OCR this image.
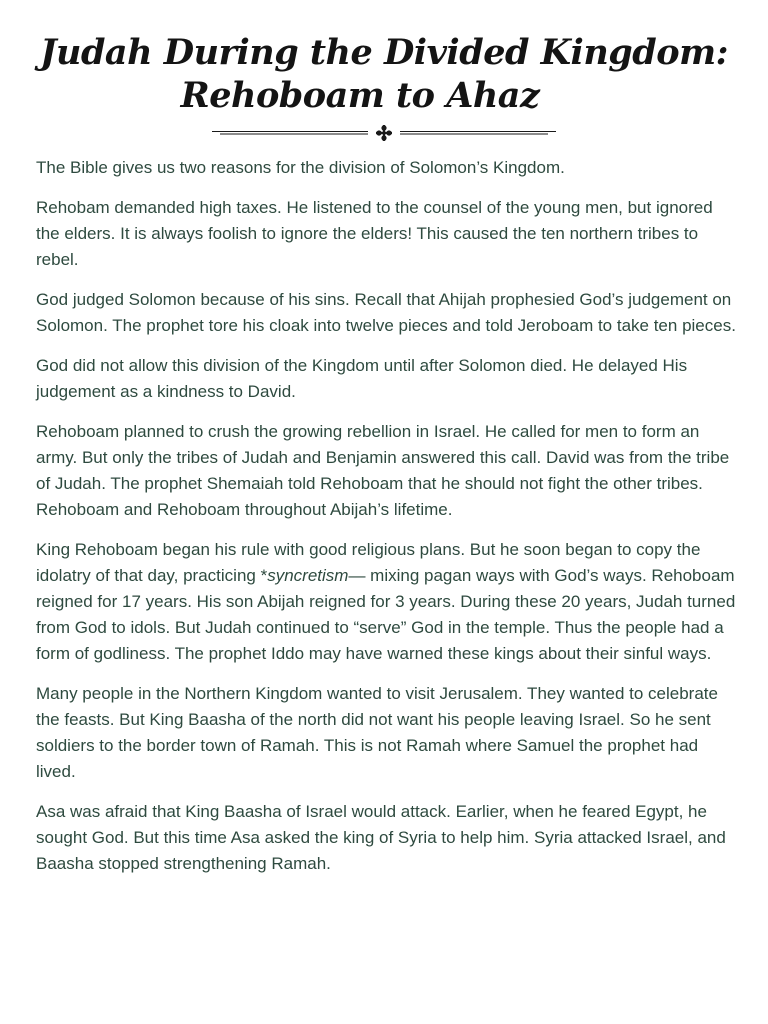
Judah During the Divided Kingdom:
Rehoboam to Ahaz

The Bible gives us two reasons for the division of Solomon’s Kingdom.

Rehobam demanded high taxes. He listened to the counsel of the young men, but ignored the elders. It is always foolish to ignore the elders! This caused the ten northern tribes to rebel.

God judged Solomon because of his sins. Recall that Ahijah prophesied God’s judgement on Solomon. The prophet tore his cloak into twelve pieces and told Jeroboam to take ten pieces.

God did not allow this division of the Kingdom until after Solomon died. He delayed His judgement as a kindness to David.

Rehoboam planned to crush the growing rebellion in Israel. He called for men to form an army. But only the tribes of Judah and Benjamin answered this call. David was from the tribe of Judah. The prophet Shemaiah told Rehoboam that he should not fight the other tribes. Rehoboam and Rehoboam throughout Abijah’s lifetime.

King Rehoboam began his rule with good religious plans. But he soon began to copy the idolatry of that day, practicing *syncretism— mixing pagan ways with God’s ways. Rehoboam reigned for 17 years. His son Abijah reigned for 3 years. During these 20 years, Judah turned from God to idols. But Judah continued to “serve” God in the temple. Thus the people had a form of godliness. The prophet Iddo may have warned these kings about their sinful ways.

Many people in the Northern Kingdom wanted to visit Jerusalem. They wanted to celebrate the feasts. But King Baasha of the north did not want his people leaving Israel. So he sent soldiers to the border town of Ramah. This is not Ramah where Samuel the prophet had lived.

Asa was afraid that King Baasha of Israel would attack. Earlier, when he feared Egypt, he sought God. But this time Asa asked the king of Syria to help him. Syria attacked Israel, and Baasha stopped strengthening Ramah.
